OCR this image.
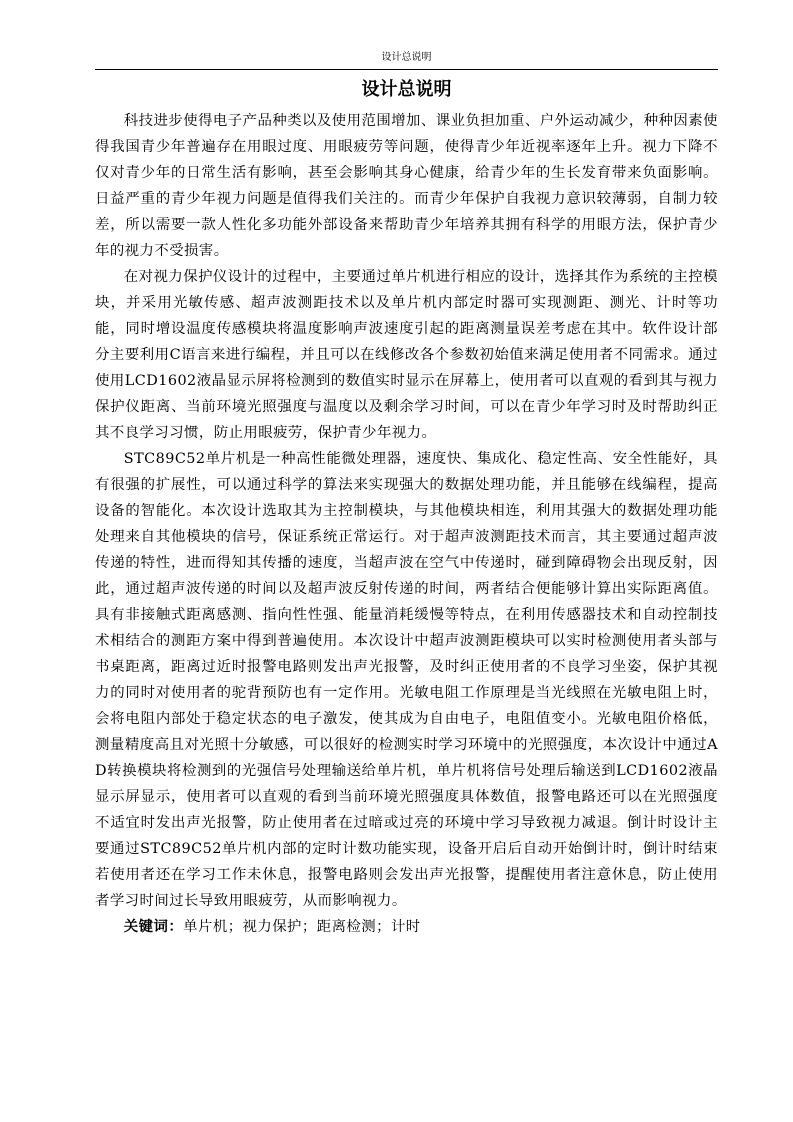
设计总说明
设计总说明

科技进步使得电子产品种类以及使用范围增加、课业负担加重、户外运动减少，种种因素使得我国青少年普遍存在用眼过度、用眼疲劳等问题，使得青少年近视率逐年上升。视力下降不仅对青少年的日常生活有影响，甚至会影响其身心健康，给青少年的生长发育带来负面影响。日益严重的青少年视力问题是值得我们关注的。而青少年保护自我视力意识较薄弱，自制力较差，所以需要一款人性化多功能外部设备来帮助青少年培养其拥有科学的用眼方法，保护青少年的视力不受损害。

在对视力保护仪设计的过程中，主要通过单片机进行相应的设计，选择其作为系统的主控模块，并采用光敏传感、超声波测距技术以及单片机内部定时器可实现测距、测光、计时等功能，同时增设温度传感模块将温度影响声波速度引起的距离测量误差考虑在其中。软件设计部分主要利用C语言来进行编程，并且可以在线修改各个参数初始值来满足使用者不同需求。通过使用LCD1602液晶显示屏将检测到的数值实时显示在屏幕上，使用者可以直观的看到其与视力保护仪距离、当前环境光照强度与温度以及剩余学习时间，可以在青少年学习时及时帮助纠正其不良学习习惯，防止用眼疲劳，保护青少年视力。

STC89C52单片机是一种高性能微处理器，速度快、集成化、稳定性高、安全性能好，具有很强的扩展性，可以通过科学的算法来实现强大的数据处理功能，并且能够在线编程，提高设备的智能化。本次设计选取其为主控制模块，与其他模块相连，利用其强大的数据处理功能处理来自其他模块的信号，保证系统正常运行。对于超声波测距技术而言，其主要通过超声波传递的特性，进而得知其传播的速度，当超声波在空气中传递时，碰到障碍物会出现反射，因此，通过超声波传递的时间以及超声波反射传递的时间，两者结合便能够计算出实际距离值。具有非接触式距离感测、指向性性强、能量消耗缓慢等特点，在利用传感器技术和自动控制技术相结合的测距方案中得到普遍使用。本次设计中超声波测距模块可以实时检测使用者头部与书桌距离，距离过近时报警电路则发出声光报警，及时纠正使用者的不良学习坐姿，保护其视力的同时对使用者的驼背预防也有一定作用。光敏电阻工作原理是当光线照在光敏电阻上时，会将电阻内部处于稳定状态的电子激发，使其成为自由电子，电阻值变小。光敏电阻价格低，测量精度高且对光照十分敏感，可以很好的检测实时学习环境中的光照强度，本次设计中通过AD转换模块将检测到的光强信号处理输送给单片机，单片机将信号处理后输送到LCD1602液晶显示屏显示，使用者可以直观的看到当前环境光照强度具体数值，报警电路还可以在光照强度不适宜时发出声光报警，防止使用者在过暗或过亮的环境中学习导致视力减退。倒计时设计主要通过STC89C52单片机内部的定时计数功能实现，设备开启后自动开始倒计时，倒计时结束若使用者还在学习工作未休息，报警电路则会发出声光报警，提醒使用者注意休息，防止使用者学习时间过长导致用眼疲劳，从而影响视力。

关键词：单片机；视力保护；距离检测；计时
